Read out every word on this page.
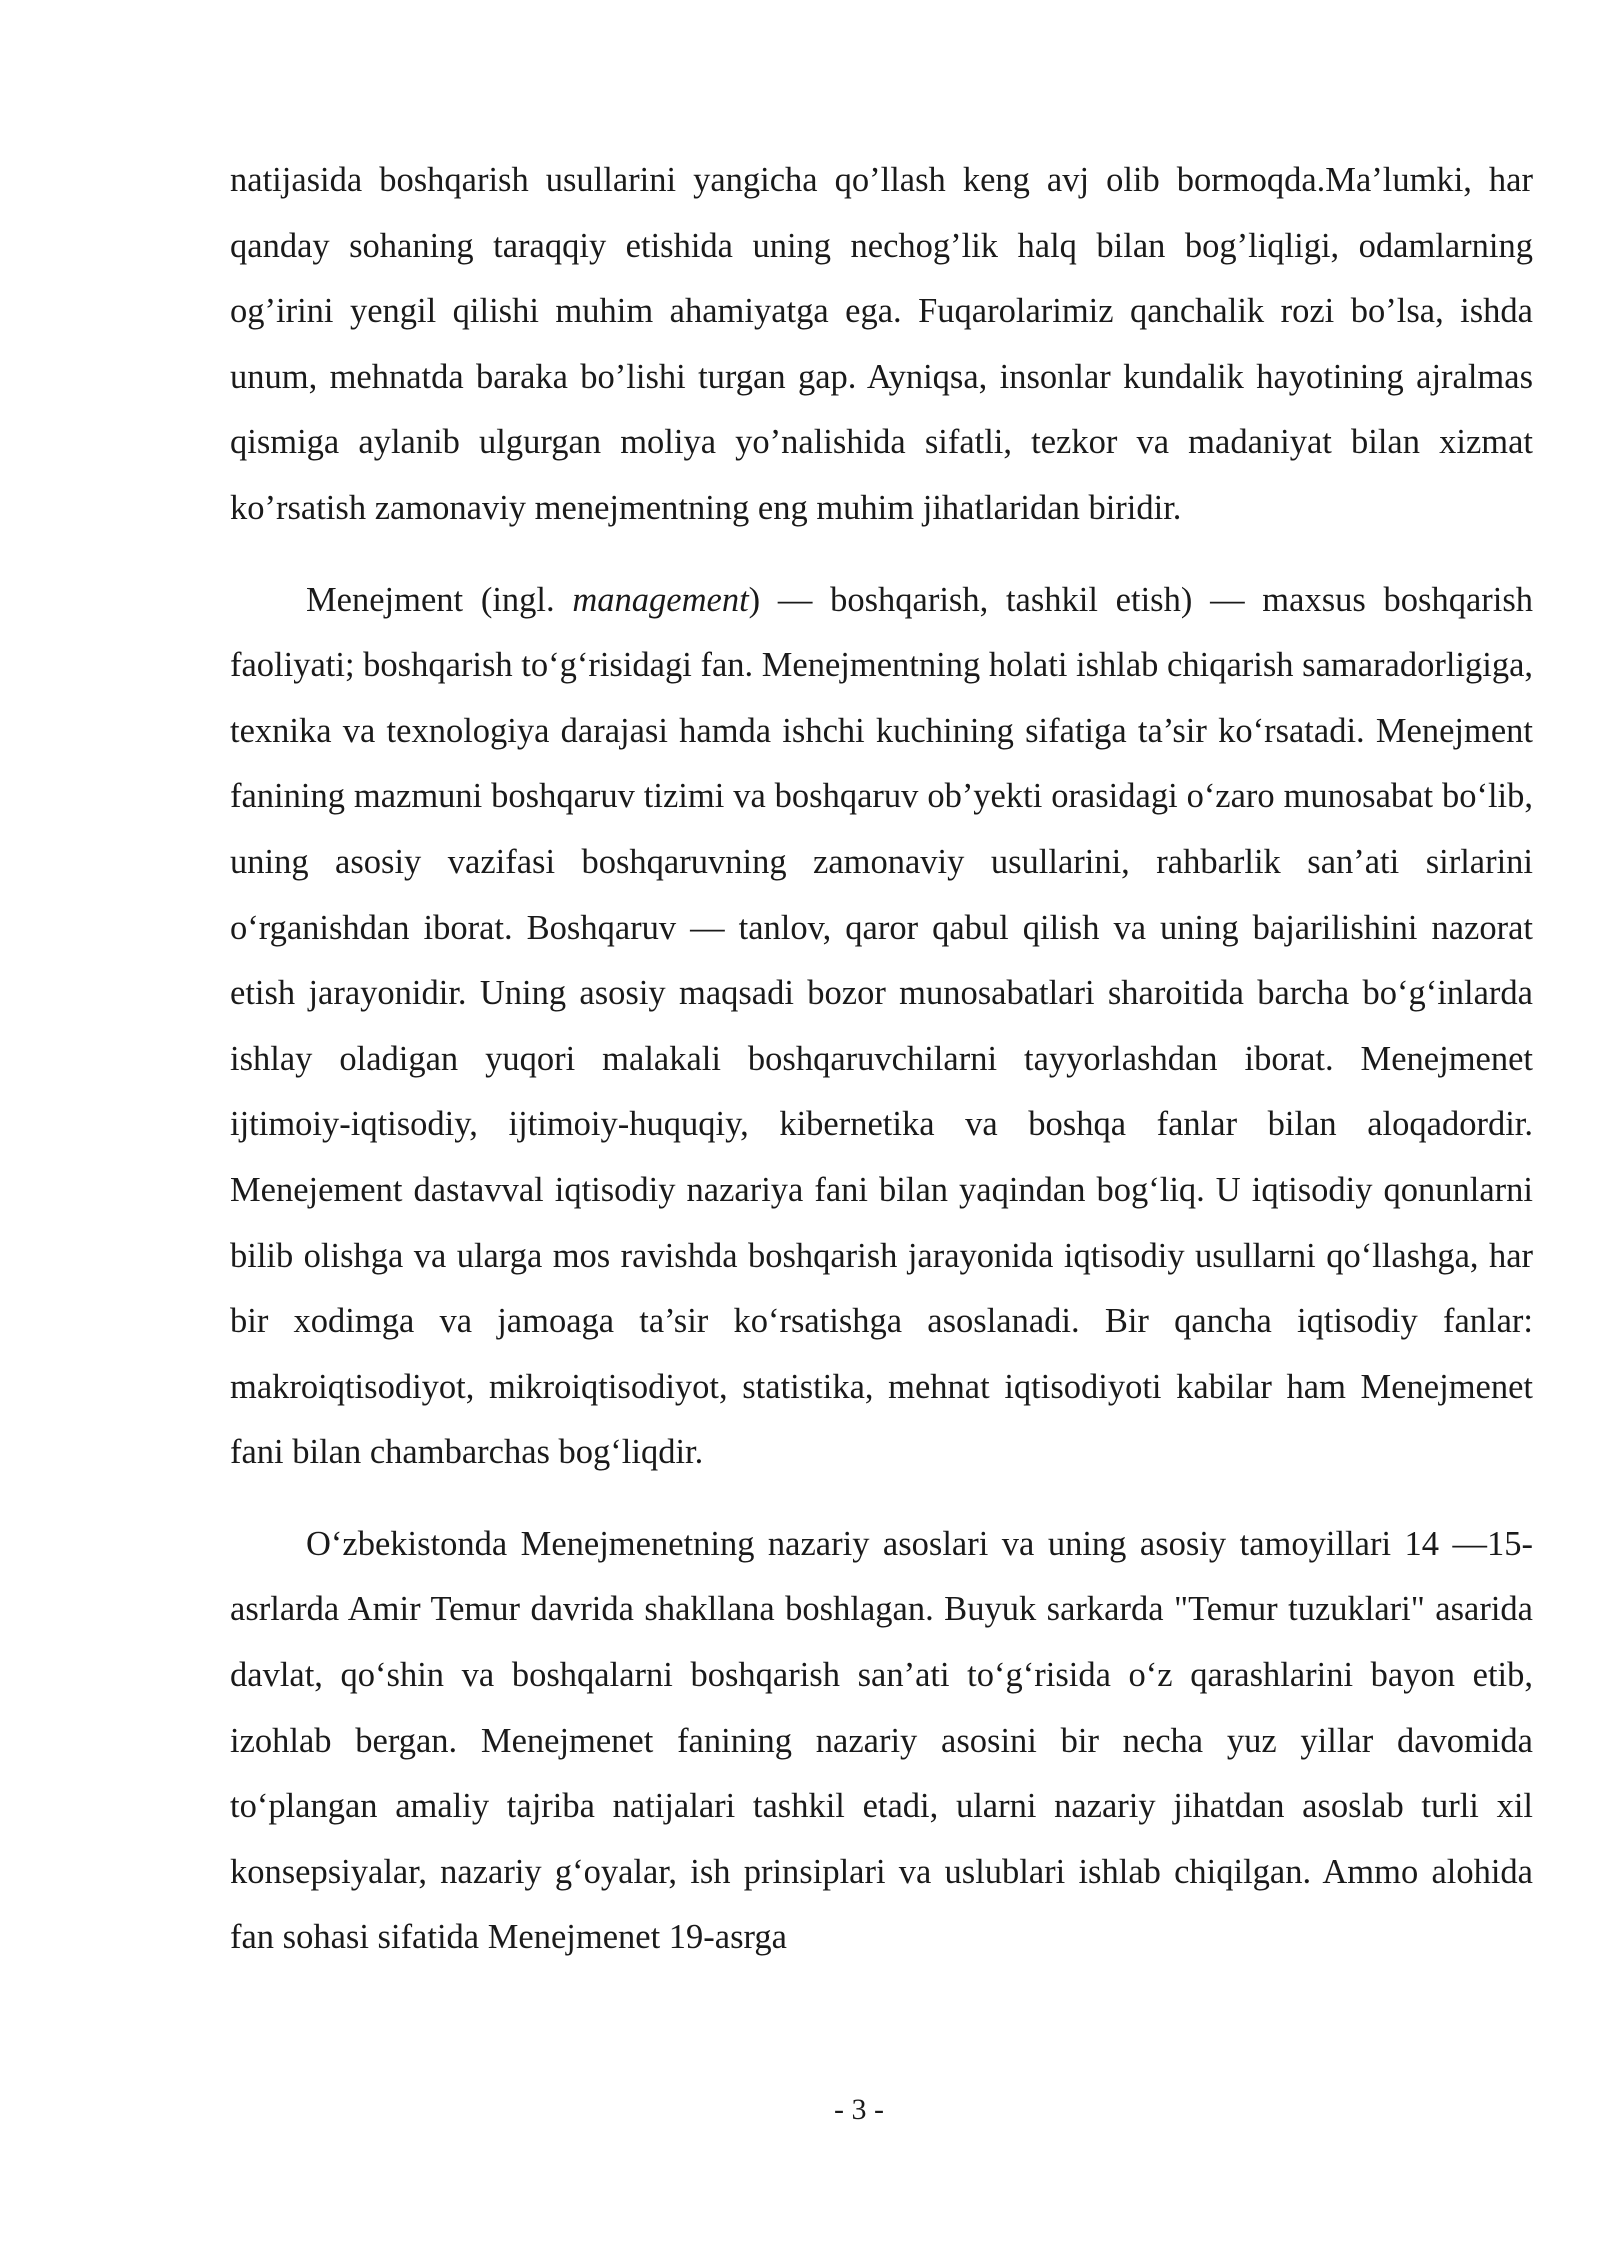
natijasida boshqarish usullarini yangicha qo’llash keng avj olib bormoqda.Ma’lumki, har qanday sohaning taraqqiy etishida uning nechog’lik halq bilan bog’liqligi, odamlarning og’irini yengil qilishi muhim ahamiyatga ega. Fuqarolarimiz qanchalik rozi bo’lsa, ishda unum, mehnatda baraka bo’lishi turgan gap. Ayniqsa, insonlar kundalik hayotining ajralmas qismiga aylanib ulgurgan moliya yo’nalishida sifatli, tezkor va madaniyat bilan xizmat ko’rsatish zamonaviy menejmentning eng muhim jihatlaridan biridir.

Menejment (ingl. management) — boshqarish, tashkil etish) — maxsus boshqarish faoliyati; boshqarish to‘g‘risidagi fan. Menejmentning holati ishlab chiqarish samaradorligiga, texnika va texnologiya darajasi hamda ishchi kuchining sifatiga ta’sir ko‘rsatadi. Menejment fanining mazmuni boshqaruv tizimi va boshqaruv ob’yekti orasidagi o‘zaro munosabat bo‘lib, uning asosiy vazifasi boshqaruvning zamonaviy usullarini, rahbarlik san’ati sirlarini o‘rganishdan iborat. Boshqaruv — tanlov, qaror qabul qilish va uning bajarilishini nazorat etish jarayonidir. Uning asosiy maqsadi bozor munosabatlari sharoitida barcha bo‘g‘inlarda ishlay oladigan yuqori malakali boshqaruvchilarni tayyorlashdan iborat. Menejmenet ijtimoiy-iqtisodiy, ijtimoiy-huquqiy, kibernetika va boshqa fanlar bilan aloqadordir. Menejement dastavval iqtisodiy nazariya fani bilan yaqindan bog‘liq. U iqtisodiy qonunlarni bilib olishga va ularga mos ravishda boshqarish jarayonida iqtisodiy usullarni qo‘llashga, har bir xodimga va jamoaga ta’sir ko‘rsatishga asoslanadi. Bir qancha iqtisodiy fanlar: makroiqtisodiyot, mikroiqtisodiyot, statistika, mehnat iqtisodiyoti kabilar ham Menejmenet fani bilan chambarchas bog‘liqdir.

O‘zbekistonda Menejmenetning nazariy asoslari va uning asosiy tamoyillari 14 —15-asrlarda Amir Temur davrida shakllana boshlagan. Buyuk sarkarda "Temur tuzuklari" asarida davlat, qo‘shin va boshqalarni boshqarish san’ati to‘g‘risida o‘z qarashlarini bayon etib, izohlab bergan. Menejmenet fanining nazariy asosini bir necha yuz yillar davomida to‘plangan amaliy tajriba natijalari tashkil etadi, ularni nazariy jihatdan asoslab turli xil konsepsiyalar, nazariy g‘oyalar, ish prinsiplari va uslublari ishlab chiqilgan. Ammo alohida fan sohasi sifatida Menejmenet 19-asrga

- 3 -
